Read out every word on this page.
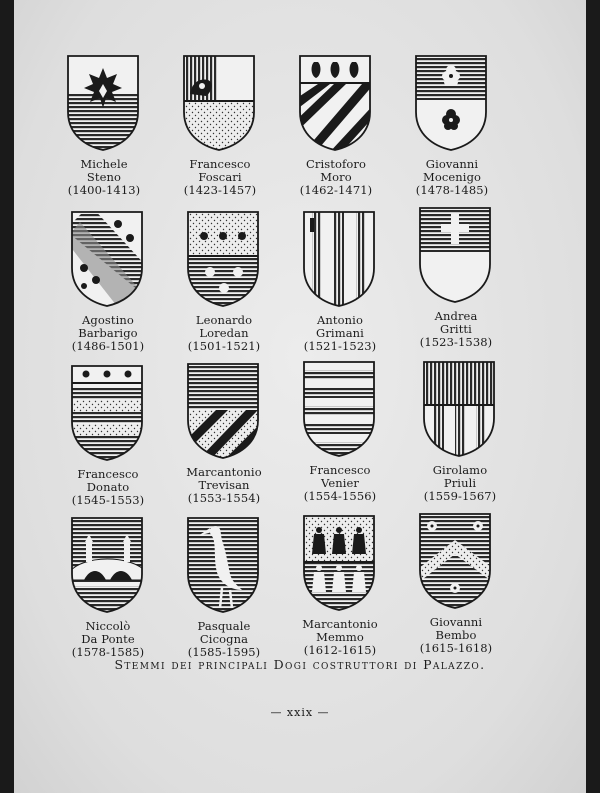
Michele
Steno
(1400-1413)
Francesco
Foscari
(1423-1457)
Cristoforo
Moro
(1462-1471)
Giovanni
Mocenigo
(1478-1485)
Agostino
Barbarigo
(1486-1501)
Leonardo
Loredan
(1501-1521)
Antonio
Grimani
(1521-1523)
Andrea
Gritti
(1523-1538)
Francesco
Donato
(1545-1553)
Marcantonio
Trevisan
(1553-1554)
Francesco
Venier
(1554-1556)
Girolamo
Priuli
(1559-1567)
Niccolò
Da Ponte
(1578-1585)
Pasquale
Cicogna
(1585-1595)
Marcantonio
Memmo
(1612-1615)
Giovanni
Bembo
(1615-1618)
Stemmi dei principali Dogi costruttori di Palazzo.
— xxix —
